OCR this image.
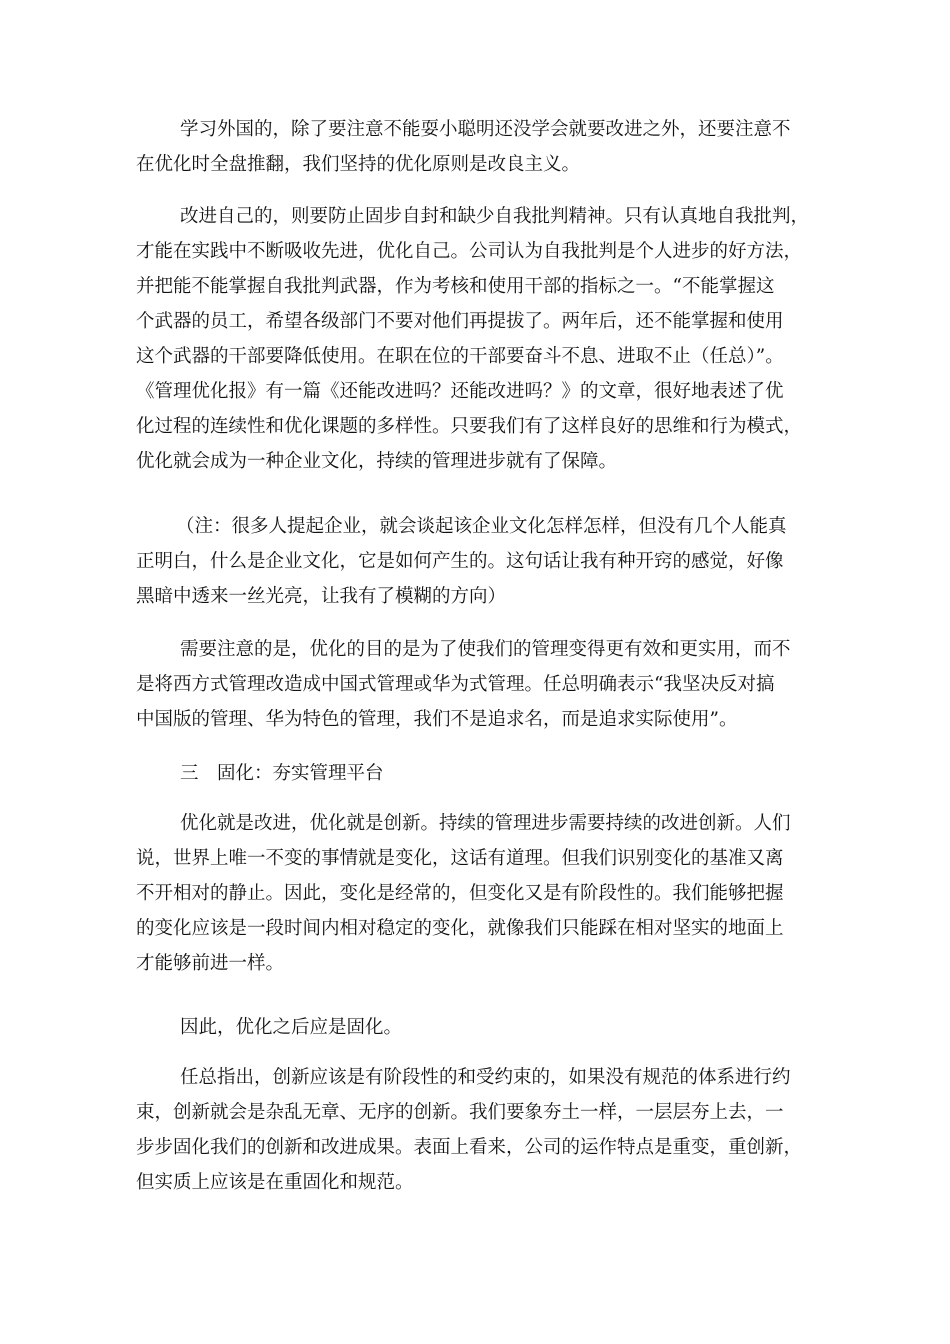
学习外国的，除了要注意不能耍小聪明还没学会就要改进之外，还要注意不
在优化时全盘推翻，我们坚持的优化原则是改良主义。
改进自己的，则要防止固步自封和缺少自我批判精神。只有认真地自我批判，
才能在实践中不断吸收先进，优化自己。公司认为自我批判是个人进步的好方法，
并把能不能掌握自我批判武器，作为考核和使用干部的指标之一。“不能掌握这
个武器的员工，希望各级部门不要对他们再提拔了。两年后，还不能掌握和使用
这个武器的干部要降低使用。在职在位的干部要奋斗不息、进取不止（任总）”。
《管理优化报》有一篇《还能改进吗？还能改进吗？》的文章，很好地表述了优
化过程的连续性和优化课题的多样性。只要我们有了这样良好的思维和行为模式，
优化就会成为一种企业文化，持续的管理进步就有了保障。
（注：很多人提起企业，就会谈起该企业文化怎样怎样，但没有几个人能真
正明白，什么是企业文化，它是如何产生的。这句话让我有种开窍的感觉，好像
黑暗中透来一丝光亮，让我有了模糊的方向）
需要注意的是，优化的目的是为了使我们的管理变得更有效和更实用，而不
是将西方式管理改造成中国式管理或华为式管理。任总明确表示“我坚决反对搞
中国版的管理、华为特色的管理，我们不是追求名，而是追求实际使用”。
三　固化：夯实管理平台
优化就是改进，优化就是创新。持续的管理进步需要持续的改进创新。人们
说，世界上唯一不变的事情就是变化，这话有道理。但我们识别变化的基准又离
不开相对的静止。因此，变化是经常的，但变化又是有阶段性的。我们能够把握
的变化应该是一段时间内相对稳定的变化，就像我们只能踩在相对坚实的地面上
才能够前进一样。
因此，优化之后应是固化。
任总指出，创新应该是有阶段性的和受约束的，如果没有规范的体系进行约
束，创新就会是杂乱无章、无序的创新。我们要象夯土一样，一层层夯上去，一
步步固化我们的创新和改进成果。表面上看来，公司的运作特点是重变，重创新，
但实质上应该是在重固化和规范。
